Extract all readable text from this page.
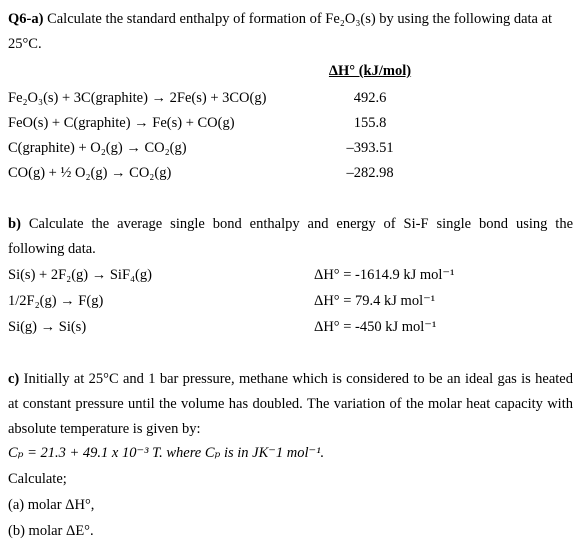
Q6-a) Calculate the standard enthalpy of formation of Fe₂O₃(s) by using the following data at
25°C.
ΔH° (kJ/mol)
Fe₂O₃(s) + 3C(graphite) → 2Fe(s) + 3CO(g)	492.6
FeO(s) + C(graphite) → Fe(s) + CO(g)	155.8
C(graphite) + O₂(g) → CO₂(g)	–393.51
CO(g) + ½ O₂(g) → CO₂(g)	–282.98
b) Calculate the average single bond enthalpy and energy of Si-F single bond using the
following data.
Si(s) + 2F₂(g) → SiF₄(g)	ΔH° = -1614.9 kJ mol⁻¹
1/2F₂(g) → F(g)	ΔH° = 79.4 kJ mol⁻¹
Si(g) → Si(s)	ΔH° = -450 kJ mol⁻¹
c) Initially at 25°C and 1 bar pressure, methane which is considered to be an ideal gas is heated
at constant pressure until the volume has doubled. The variation of the molar heat capacity with
absolute temperature is given by:
Cₚ = 21.3 + 49.1 x 10⁻³ T. where Cₚ is in JK⁻1 mol⁻¹.
Calculate;
(a) molar ΔH°,
(b) molar ΔE°.
